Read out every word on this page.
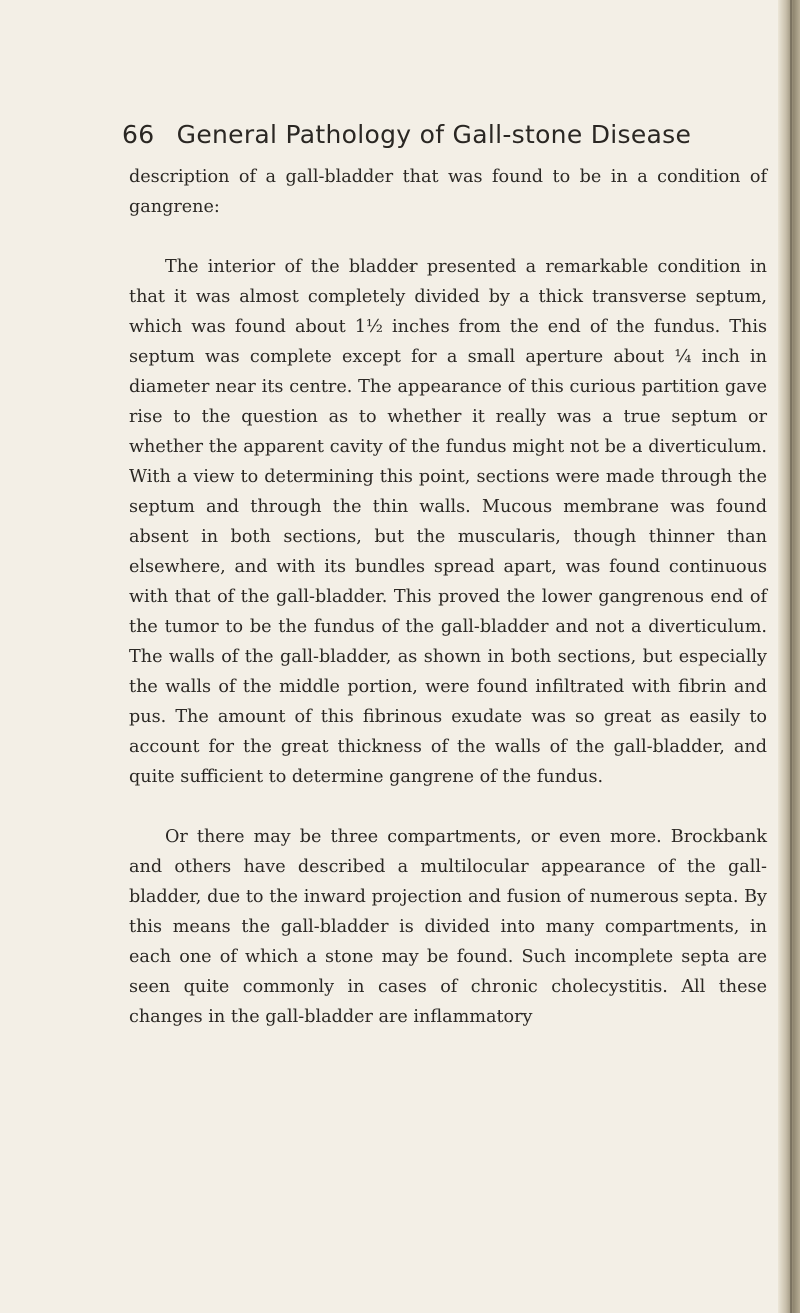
66 General Pathology of Gall-stone Disease

description of a gall-bladder that was found to be in a condition of gangrene:

The interior of the bladder presented a remarkable condition in that it was almost completely divided by a thick transverse septum, which was found about 1½ inches from the end of the fundus. This septum was complete except for a small aperture about ¼ inch in diameter near its centre. The appearance of this curious partition gave rise to the question as to whether it really was a true septum or whether the apparent cavity of the fundus might not be a diverticulum. With a view to determining this point, sections were made through the septum and through the thin walls. Mucous membrane was found absent in both sections, but the muscularis, though thinner than elsewhere, and with its bundles spread apart, was found continuous with that of the gall-bladder. This proved the lower gangrenous end of the tumor to be the fundus of the gall-bladder and not a diverticulum. The walls of the gall-bladder, as shown in both sections, but especially the walls of the middle portion, were found infiltrated with fibrin and pus. The amount of this fibrinous exudate was so great as easily to account for the great thickness of the walls of the gall-bladder, and quite sufficient to determine gangrene of the fundus.

Or there may be three compartments, or even more. Brockbank and others have described a multilocular appearance of the gall-bladder, due to the inward projection and fusion of numerous septa. By this means the gall-bladder is divided into many compartments, in each one of which a stone may be found. Such incomplete septa are seen quite commonly in cases of chronic cholecystitis. All these changes in the gall-bladder are inflammatory
